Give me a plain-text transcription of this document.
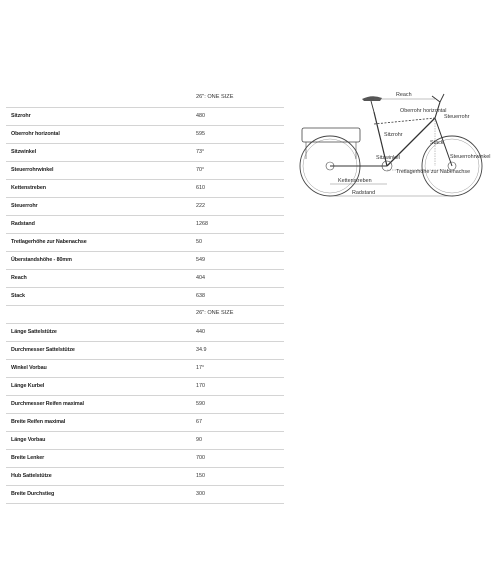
26": ONE SIZE
Sitzrohr	480
Oberrohr horizontal	595
Sitzwinkel	73°
Steuerrohrwinkel	70°
Kettenstreben	610
Steuerrohr	222
Radstand	1268
Tretlagerhöhe zur Nabenachse	50
Überstandshöhe - 80mm	549
Reach	404
Stack	638
26": ONE SIZE
Länge Sattelstütze	440
Durchmesser Sattelstütze	34.9
Winkel Vorbau	17°
Länge Kurbel	170
Durchmesser Reifen maximal	590
Breite Reifen maximal	67
Länge Vorbau	90
Breite Lenker	700
Hub Sattelstütze	150
Breite Durchstieg	300
Reach
Oberrohr horizontal
Steuerrohr
Sitzrohr
Stack
Steuerrohrwinkel
Sitzwinkel
Tretlagerhöhe zur Nabenachse
Kettenstreben
Radstand
